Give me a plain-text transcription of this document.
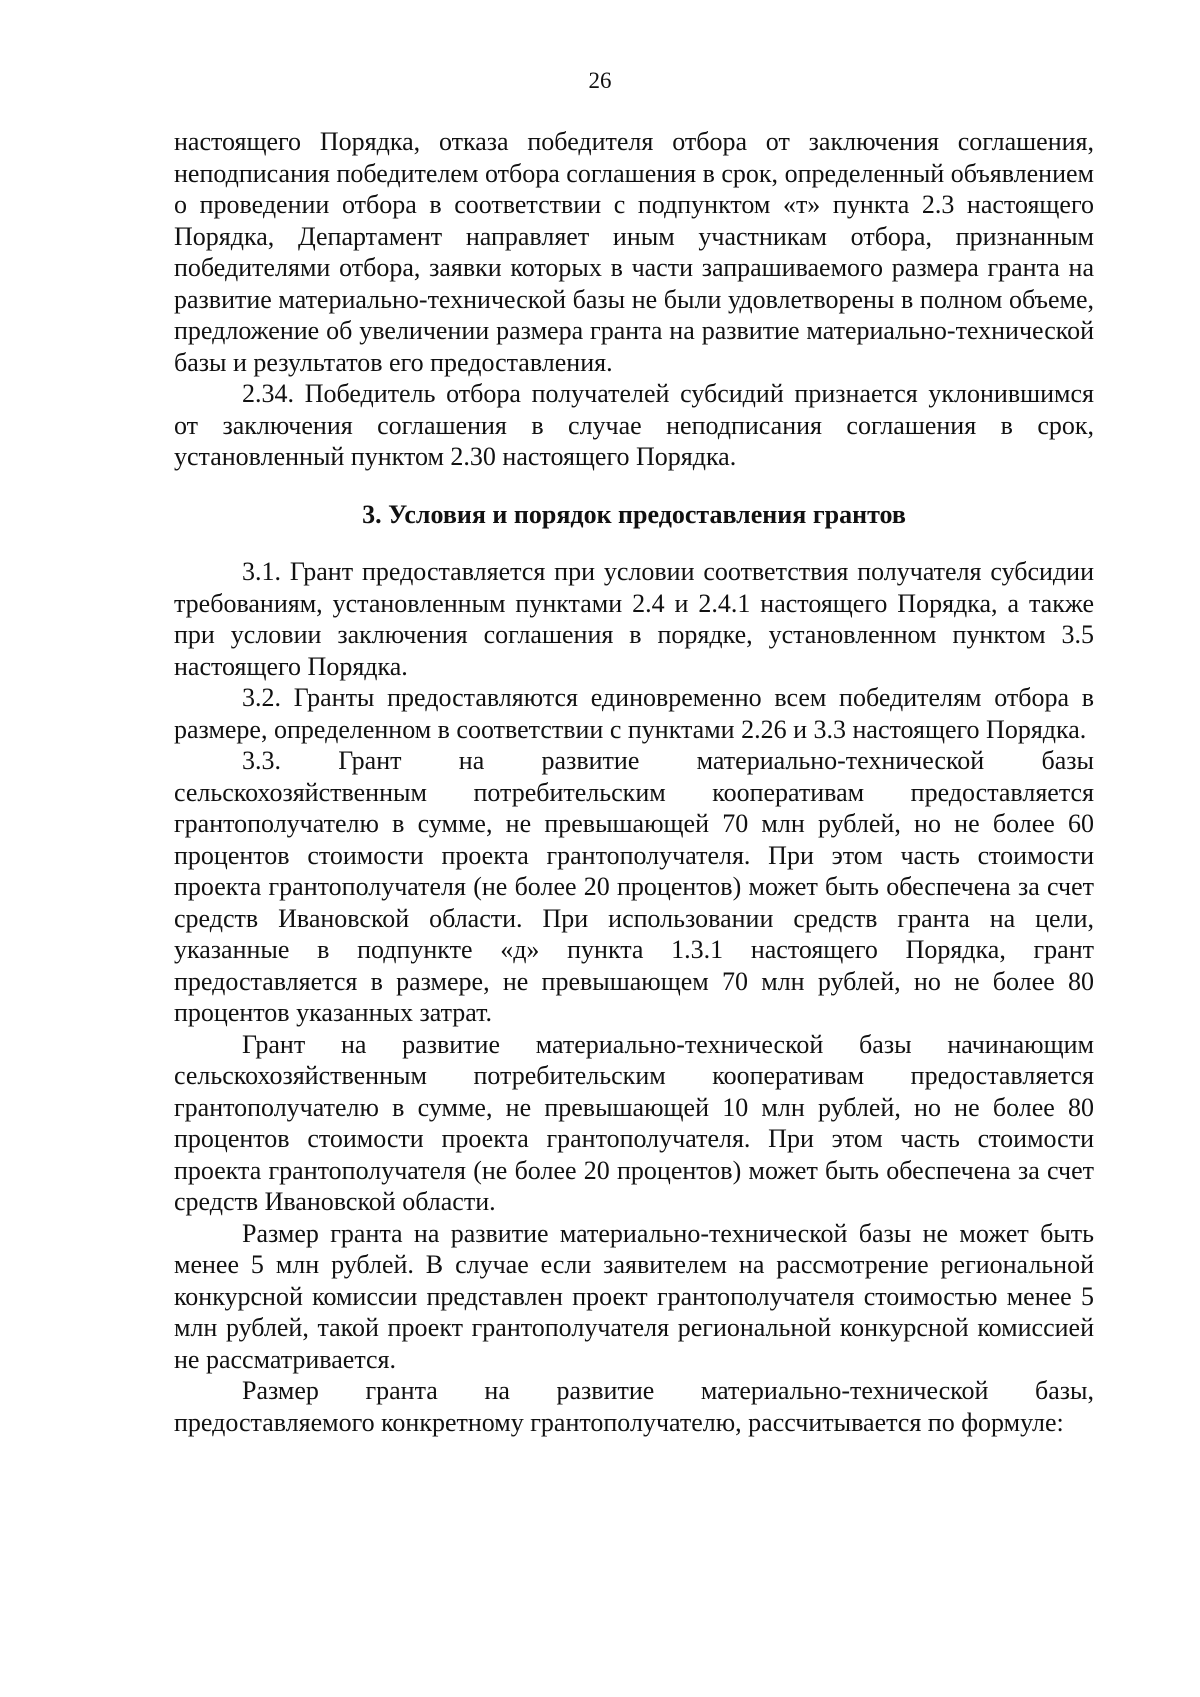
26

настоящего Порядка, отказа победителя отбора от заключения соглашения, неподписания победителем отбора соглашения в срок, определенный объявлением о проведении отбора в соответствии с подпунктом «т» пункта 2.3 настоящего Порядка, Департамент направляет иным участникам отбора, признанным победителями отбора, заявки которых в части запрашиваемого размера гранта на развитие материально-технической базы не были удовлетворены в полном объеме, предложение об увеличении размера гранта на развитие материально-технической базы и результатов его предоставления.

2.34. Победитель отбора получателей субсидий признается уклонившимся от заключения соглашения в случае неподписания соглашения в срок, установленный пунктом 2.30 настоящего Порядка.

3. Условия и порядок предоставления грантов

3.1. Грант предоставляется при условии соответствия получателя субсидии требованиям, установленным пунктами 2.4 и 2.4.1 настоящего Порядка, а также при условии заключения соглашения в порядке, установленном пунктом 3.5 настоящего Порядка.

3.2. Гранты предоставляются единовременно всем победителям отбора в размере, определенном в соответствии с пунктами 2.26 и 3.3 настоящего Порядка.

3.3. Грант на развитие материально-технической базы сельскохозяйственным потребительским кооперативам предоставляется грантополучателю в сумме, не превышающей 70 млн рублей, но не более 60 процентов стоимости проекта грантополучателя. При этом часть стоимости проекта грантополучателя (не более 20 процентов) может быть обеспечена за счет средств Ивановской области. При использовании средств гранта на цели, указанные в подпункте «д» пункта 1.3.1 настоящего Порядка, грант предоставляется в размере, не превышающем 70 млн рублей, но не более 80 процентов указанных затрат.

Грант на развитие материально-технической базы начинающим сельскохозяйственным потребительским кооперативам предоставляется грантополучателю в сумме, не превышающей 10 млн рублей, но не более 80 процентов стоимости проекта грантополучателя. При этом часть стоимости проекта грантополучателя (не более 20 процентов) может быть обеспечена за счет средств Ивановской области.

Размер гранта на развитие материально-технической базы не может быть менее 5 млн рублей. В случае если заявителем на рассмотрение региональной конкурсной комиссии представлен проект грантополучателя стоимостью менее 5 млн рублей, такой проект грантополучателя региональной конкурсной комиссией не рассматривается.

Размер гранта на развитие материально-технической базы, предоставляемого конкретному грантополучателю, рассчитывается по формуле:
